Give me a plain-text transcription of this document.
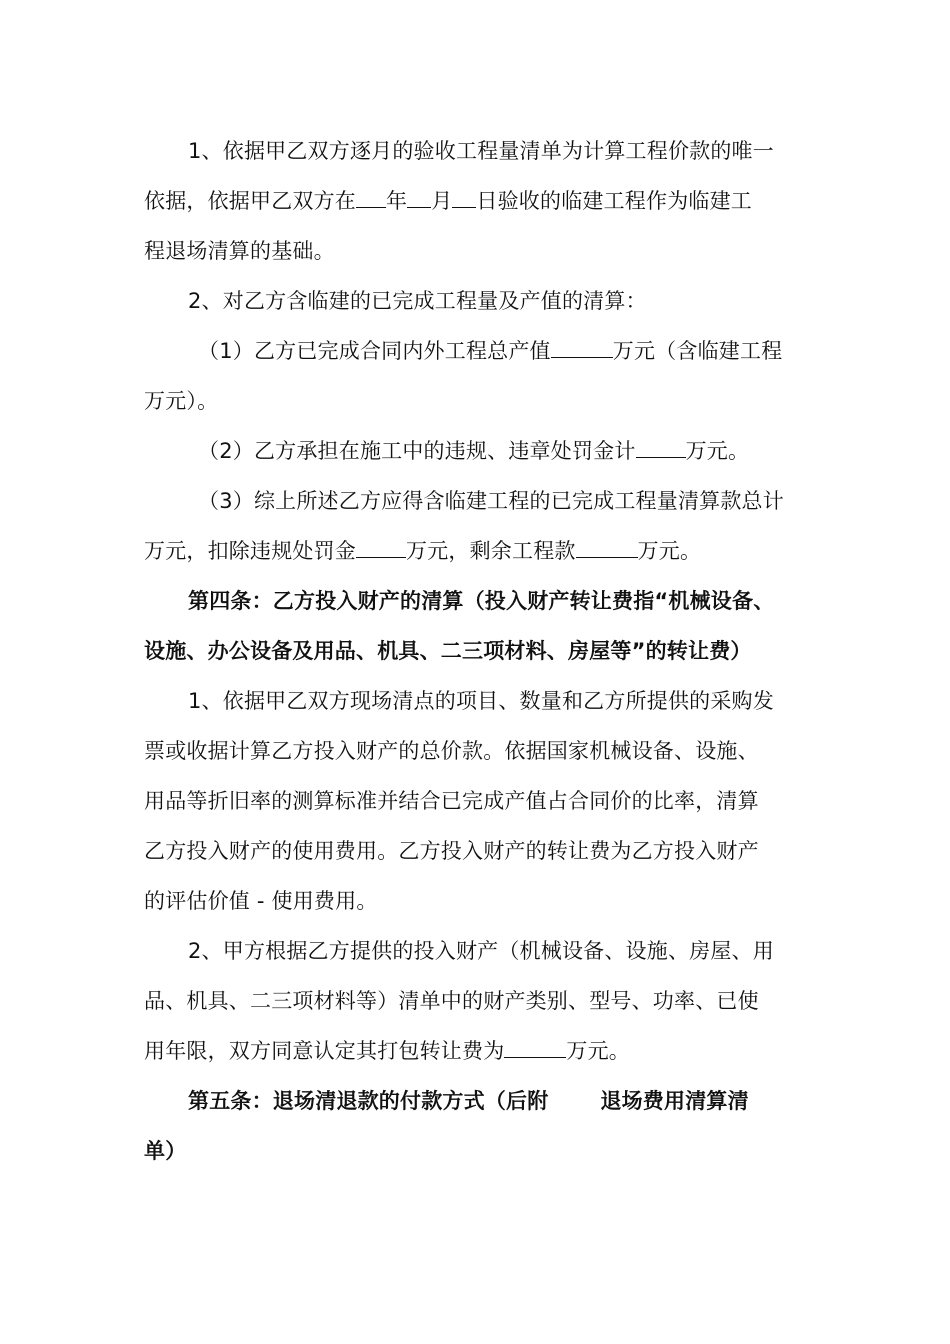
1、依据甲乙双方逐月的验收工程量清单为计算工程价款的唯一
依据，依据甲乙双方在 年 月 日验收的临建工程作为临建工
程退场清算的基础。
2、对乙方含临建的已完成工程量及产值的清算：
（1）乙方已完成合同内外工程总产值	万元（含临建工程
万元）。
（2）乙方承担在施工中的违规、违章处罚金计 万元。
（3）综上所述乙方应得含临建工程的已完成工程量清算款总计
万元，扣除违规处罚金 万元，剩余工程款	万元。
第四条：乙方投入财产的清算（投入财产转让费指“机械设备、
设施、办公设备及用品、机具、二三项材料、房屋等”的转让费）
1、依据甲乙双方现场清点的项目、数量和乙方所提供的采购发
票或收据计算乙方投入财产的总价款。依据国家机械设备、设施、
用品等折旧率的测算标准并结合已完成产值占合同价的比率，清算
乙方投入财产的使用费用。乙方投入财产的转让费为乙方投入财产
的评估价值 - 使用费用。
2、甲方根据乙方提供的投入财产（机械设备、设施、房屋、用
品、机具、二三项材料等）清单中的财产类别、型号、功率、已使
用年限，双方同意认定其打包转让费为	万元。
第五条：退场清退款的付款方式（后附 退场费用清算清
单）
